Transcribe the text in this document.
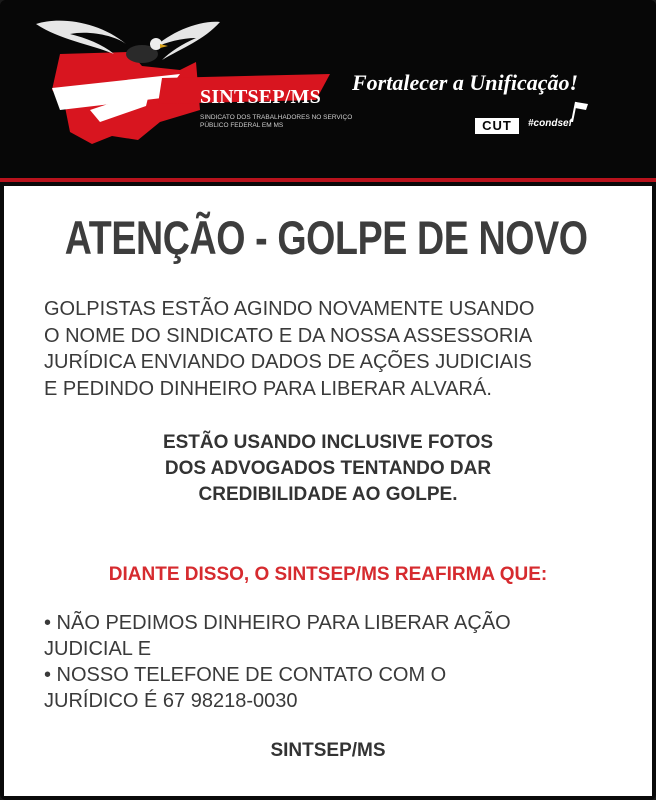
SINTSEP/MS
SINDICATO DOS TRABALHADORES NO SERVIÇO PÚBLICO FEDERAL EM MS
Fortalecer a Unificação!
CUT	#condsef
ATENÇÃO - GOLPE DE NOVO
GOLPISTAS ESTÃO AGINDO NOVAMENTE USANDO
O NOME DO SINDICATO E DA NOSSA ASSESSORIA
JURÍDICA ENVIANDO DADOS DE AÇÕES JUDICIAIS
E PEDINDO DINHEIRO PARA LIBERAR ALVARÁ.
ESTÃO USANDO INCLUSIVE FOTOS
DOS ADVOGADOS TENTANDO DAR
CREDIBILIDADE AO GOLPE.
DIANTE DISSO, O SINTSEP/MS REAFIRMA QUE:
• NÃO PEDIMOS DINHEIRO PARA LIBERAR AÇÃO
JUDICIAL E
• NOSSO TELEFONE DE CONTATO COM O
JURÍDICO É 67 98218-0030
SINTSEP/MS
